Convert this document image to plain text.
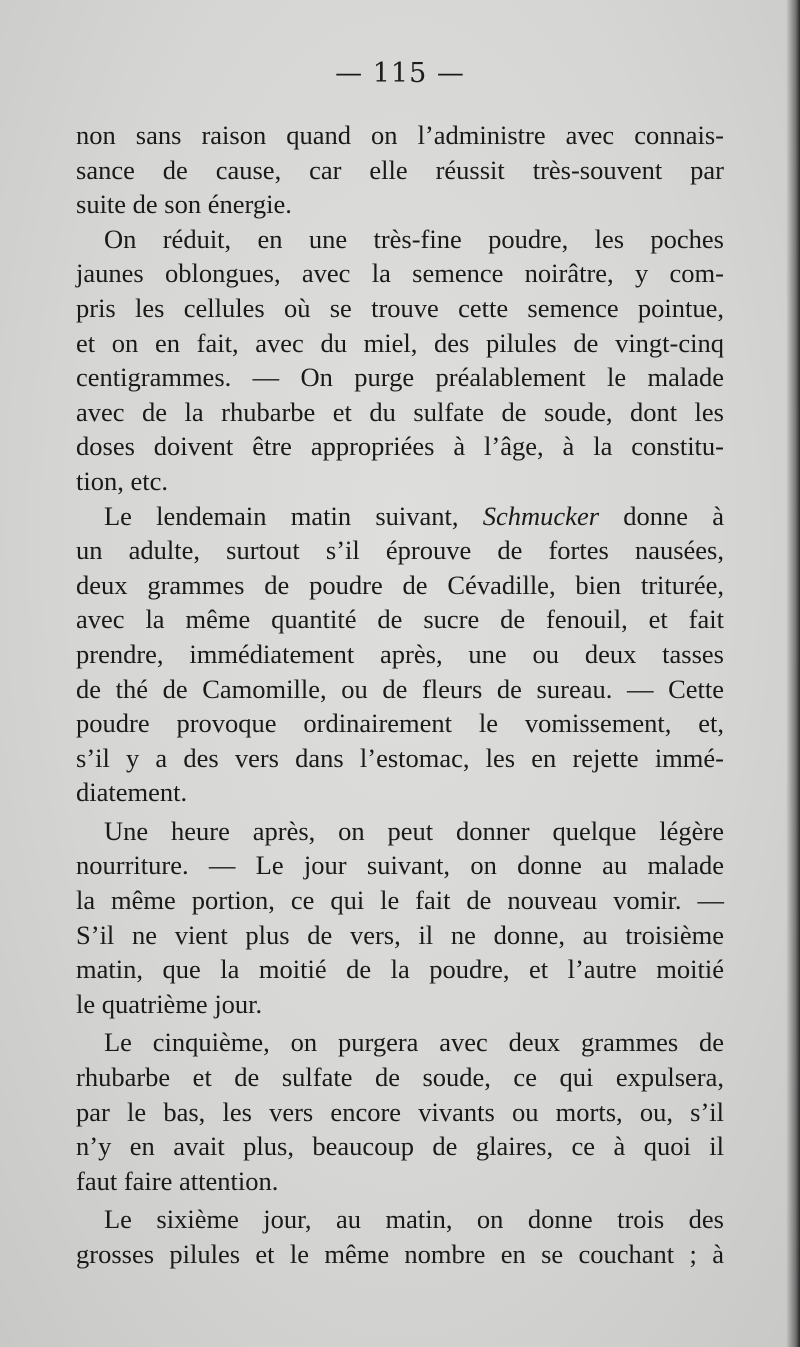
— 115 —

non sans raison quand on l’administre avec connais-
sance de cause, car elle réussit très-souvent par
suite de son énergie.

On réduit, en une très-fine poudre, les poches
jaunes oblongues, avec la semence noirâtre, y com-
pris les cellules où se trouve cette semence pointue,
et on en fait, avec du miel, des pilules de vingt-cinq
centigrammes. — On purge préalablement le malade
avec de la rhubarbe et du sulfate de soude, dont les
doses doivent être appropriées à l’âge, à la constitu-
tion, etc.

Le lendemain matin suivant, Schmucker donne à
un adulte, surtout s’il éprouve de fortes nausées,
deux grammes de poudre de Cévadille, bien triturée,
avec la même quantité de sucre de fenouil, et fait
prendre, immédiatement après, une ou deux tasses
de thé de Camomille, ou de fleurs de sureau. — Cette
poudre provoque ordinairement le vomissement, et,
s’il y a des vers dans l’estomac, les en rejette immé-
diatement.

Une heure après, on peut donner quelque légère
nourriture. — Le jour suivant, on donne au malade
la même portion, ce qui le fait de nouveau vomir. —
S’il ne vient plus de vers, il ne donne, au troisième
matin, que la moitié de la poudre, et l’autre moitié
le quatrième jour.

Le cinquième, on purgera avec deux grammes de
rhubarbe et de sulfate de soude, ce qui expulsera,
par le bas, les vers encore vivants ou morts, ou, s’il
n’y en avait plus, beaucoup de glaires, ce à quoi il
faut faire attention.

Le sixième jour, au matin, on donne trois des
grosses pilules et le même nombre en se couchant ; à
